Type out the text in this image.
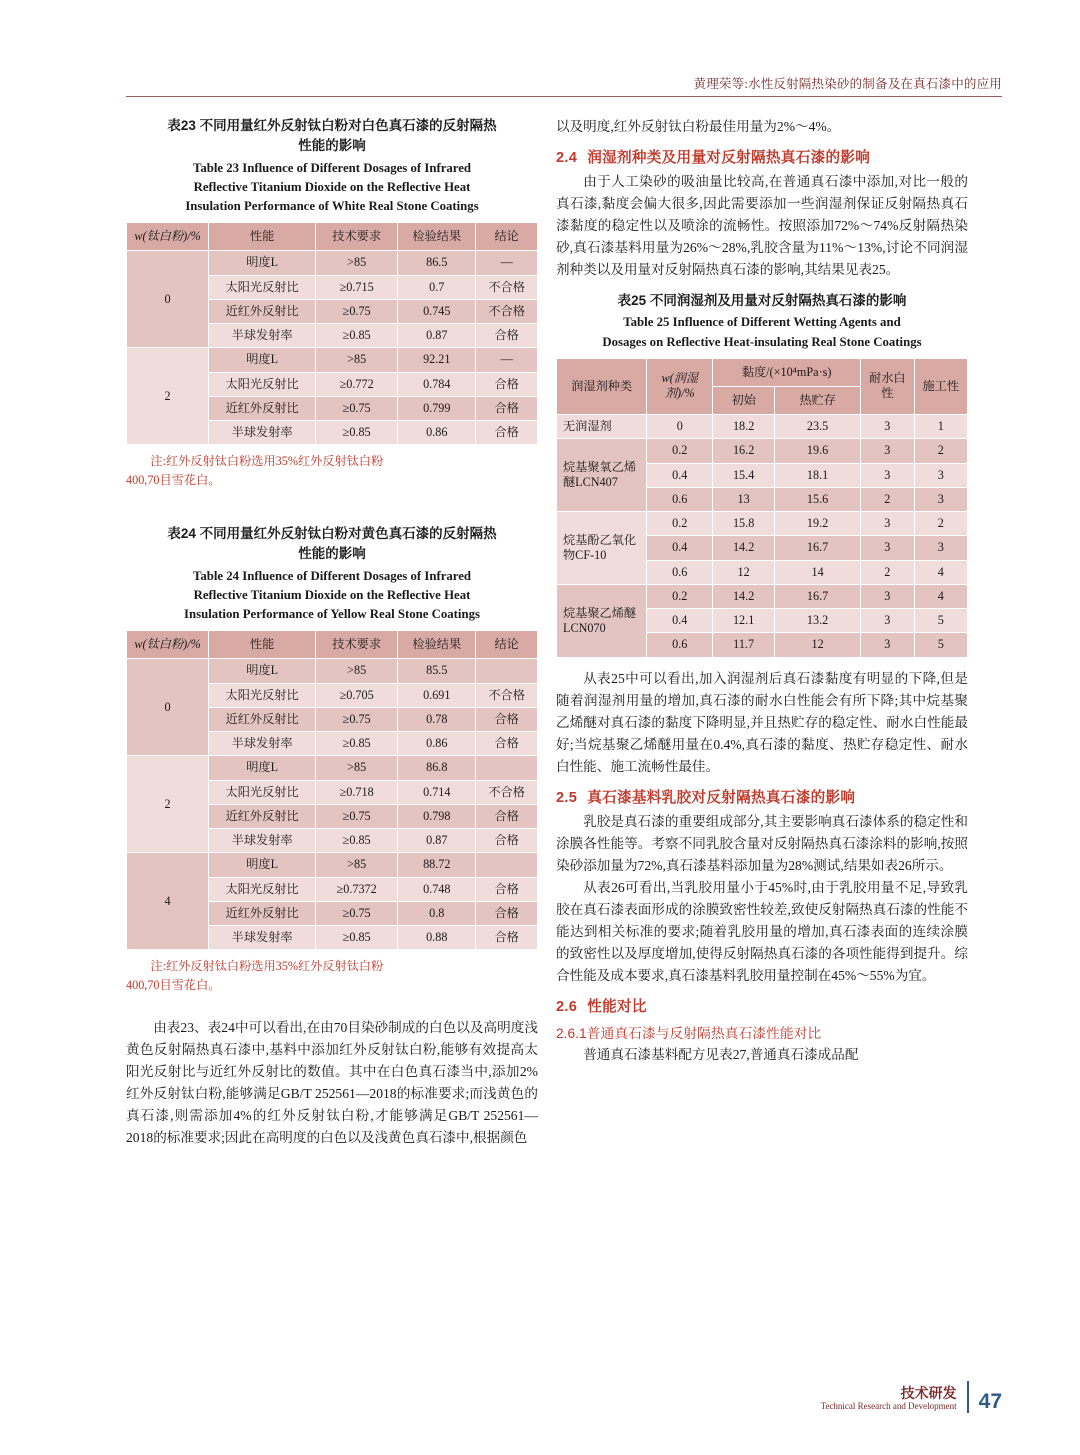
黄理荣等:水性反射隔热染砂的制备及在真石漆中的应用
表23 不同用量红外反射钛白粉对白色真石漆的反射隔热
性能的影响
Table 23 Influence of Different Dosages of Infrared
Reflective Titanium Dioxide on the Reflective Heat
Insulation Performance of White Real Stone Coatings
w(钛白粉)/%	性能	技术要求	检验结果	结论
0	明度L	>85	86.5	—
	太阳光反射比	≥0.715	0.7	不合格
	近红外反射比	≥0.75	0.745	不合格
	半球发射率	≥0.85	0.87	合格
2	明度L	>85	92.21	—
	太阳光反射比	≥0.772	0.784	合格
	近红外反射比	≥0.75	0.799	合格
	半球发射率	≥0.85	0.86	合格
注:红外反射钛白粉选用35%红外反射钛白粉
400,70目雪花白。
表24 不同用量红外反射钛白粉对黄色真石漆的反射隔热
性能的影响
Table 24 Influence of Different Dosages of Infrared
Reflective Titanium Dioxide on the Reflective Heat
Insulation Performance of Yellow Real Stone Coatings
w(钛白粉)/%	性能	技术要求	检验结果	结论
0	明度L	>85	85.5	
	太阳光反射比	≥0.705	0.691	不合格
	近红外反射比	≥0.75	0.78	合格
	半球发射率	≥0.85	0.86	合格
2	明度L	>85	86.8	
	太阳光反射比	≥0.718	0.714	不合格
	近红外反射比	≥0.75	0.798	合格
	半球发射率	≥0.85	0.87	合格
4	明度L	>85	88.72	
	太阳光反射比	≥0.7372	0.748	合格
	近红外反射比	≥0.75	0.8	合格
	半球发射率	≥0.85	0.88	合格
注:红外反射钛白粉选用35%红外反射钛白粉
400,70目雪花白。

由表23、表24中可以看出,在由70目染砂制成的白色以及高明度浅黄色反射隔热真石漆中,基料中添加红外反射钛白粉,能够有效提高太阳光反射比与近红外反射比的数值。其中在白色真石漆当中,添加2%红外反射钛白粉,能够满足GB/T 252561—2018的标准要求;而浅黄色的真石漆,则需添加4%的红外反射钛白粉,才能够满足GB/T 252561—2018的标准要求;因此在高明度的白色以及浅黄色真石漆中,根据颜色

以及明度,红外反射钛白粉最佳用量为2%～4%。

2.4 润湿剂种类及用量对反射隔热真石漆的影响

由于人工染砂的吸油量比较高,在普通真石漆中添加,对比一般的真石漆,黏度会偏大很多,因此需要添加一些润湿剂保证反射隔热真石漆黏度的稳定性以及喷涂的流畅性。按照添加72%～74%反射隔热染砂,真石漆基料用量为26%～28%,乳胶含量为11%～13%,讨论不同润湿剂种类以及用量对反射隔热真石漆的影响,其结果见表25。

表25 不同润湿剂及用量对反射隔热真石漆的影响
Table 25 Influence of Different Wetting Agents and
Dosages on Reflective Heat-insulating Real Stone Coatings
润湿剂种类	w(润湿剂)/%	黏度/(×10⁴mPa·s)		耐水白性	施工性
		初始	热贮存		
无润湿剂	0	18.2	23.5	3	1
烷基聚氧乙烯醚LCN407	0.2	16.2	19.6	3	2
	0.4	15.4	18.1	3	3
	0.6	13	15.6	2	3
烷基酚乙氧化物CF-10	0.2	15.8	19.2	3	2
	0.4	14.2	16.7	3	3
	0.6	12	14	2	4
烷基聚乙烯醚LCN070	0.2	14.2	16.7	3	4
	0.4	12.1	13.2	3	5
	0.6	11.7	12	3	5

从表25中可以看出,加入润湿剂后真石漆黏度有明显的下降,但是随着润湿剂用量的增加,真石漆的耐水白性能会有所下降;其中烷基聚乙烯醚对真石漆的黏度下降明显,并且热贮存的稳定性、耐水白性能最好;当烷基聚乙烯醚用量在0.4%,真石漆的黏度、热贮存稳定性、耐水白性能、施工流畅性最佳。

2.5 真石漆基料乳胶对反射隔热真石漆的影响

乳胶是真石漆的重要组成部分,其主要影响真石漆体系的稳定性和涂膜各性能等。考察不同乳胶含量对反射隔热真石漆涂料的影响,按照染砂添加量为72%,真石漆基料添加量为28%测试,结果如表26所示。

从表26可看出,当乳胶用量小于45%时,由于乳胶用量不足,导致乳胶在真石漆表面形成的涂膜致密性较差,致使反射隔热真石漆的性能不能达到相关标准的要求;随着乳胶用量的增加,真石漆表面的连续涂膜的致密性以及厚度增加,使得反射隔热真石漆的各项性能得到提升。综合性能及成本要求,真石漆基料乳胶用量控制在45%～55%为宜。

2.6 性能对比
2.6.1普通真石漆与反射隔热真石漆性能对比

普通真石漆基料配方见表27,普通真石漆成品配

技术研发
Technical Research and Development 47
